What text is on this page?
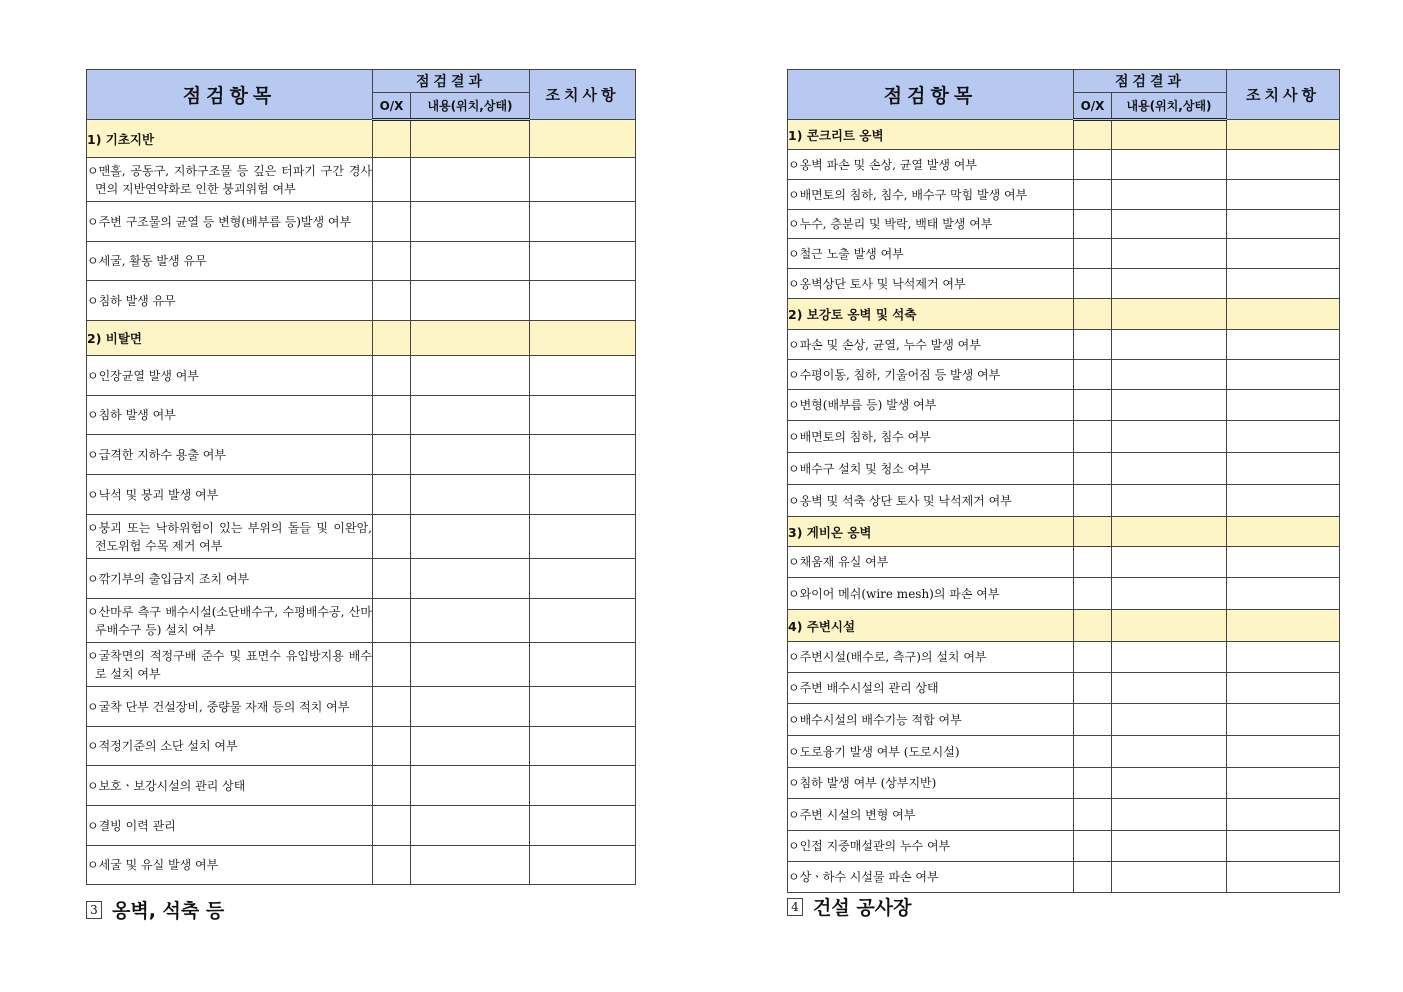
점검항목	점검결과		조치사항
	O/X	내용(위치,상태)	
1) 기초지반			

ㅇ맨홀, 공동구, 지하구조물 등 깊은 터파기 구간 경사면의 지반연약화로 인한 붕괴위험 여부			

ㅇ주변 구조물의 균열 등 변형(배부름 등)발생 여부			

ㅇ세굴, 활동 발생 유무			

ㅇ침하 발생 유무			

2) 비탈면			

ㅇ인장균열 발생 여부			

ㅇ침하 발생 여부			

ㅇ급격한 지하수 용출 여부			

ㅇ낙석 및 붕괴 발생 여부			

ㅇ붕괴 또는 낙하위험이 있는 부위의 돌들 및 이완암, 전도위험 수목 제거 여부			

ㅇ깎기부의 출입금지 조치 여부			

ㅇ산마루 측구 배수시설(소단배수구, 수평배수공, 산마루배수구 등) 설치 여부			

ㅇ굴착면의 적정구배 준수 및 표면수 유입방지용 배수로 설치 여부			

ㅇ굴착 단부 건설장비, 중량물 자재 등의 적치 여부			

ㅇ적정기준의 소단 설치 여부			

ㅇ보호ㆍ보강시설의 관리 상태			

ㅇ결빙 이력 관리			

ㅇ세굴 및 유실 발생 여부			

3 옹벽, 석축 등
점검항목	점검결과		조치사항
	O/X	내용(위치,상태)	
1) 콘크리트 옹벽			

ㅇ옹벽 파손 및 손상, 균열 발생 여부			

ㅇ배면토의 침하, 침수, 배수구 막힘 발생 여부			

ㅇ누수, 층분리 및 박락, 백태 발생 여부			

ㅇ철근 노출 발생 여부			

ㅇ옹벽상단 토사 및 낙석제거 여부			

2) 보강토 옹벽 및 석축			

ㅇ파손 및 손상, 균열, 누수 발생 여부			

ㅇ수평이동, 침하, 기울어짐 등 발생 여부			

ㅇ변형(배부름 등) 발생 여부			

ㅇ배면토의 침하, 침수 여부			

ㅇ배수구 설치 및 청소 여부			

ㅇ옹벽 및 석축 상단 토사 및 낙석제거 여부			

3) 게비온 옹벽			

ㅇ채움재 유실 여부			

ㅇ와이어 메쉬(wire mesh)의 파손 여부			

4) 주변시설			

ㅇ주변시설(배수로, 측구)의 설치 여부			

ㅇ주변 배수시설의 관리 상태			

ㅇ배수시설의 배수기능 적합 여부			

ㅇ도로융기 발생 여부 (도로시설)			

ㅇ침하 발생 여부 (상부지반)			

ㅇ주변 시설의 변형 여부			

ㅇ인접 지중매설관의 누수 여부			

ㅇ상ㆍ하수 시설물 파손 여부			

4 건설 공사장
